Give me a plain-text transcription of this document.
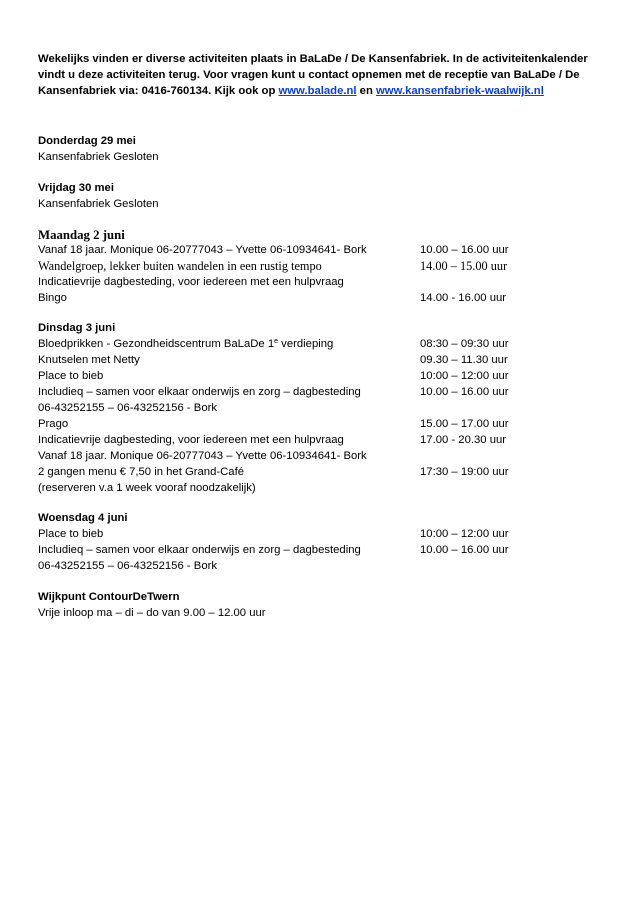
Wekelijks vinden er diverse activiteiten plaats in BaLaDe / De Kansenfabriek. In de activiteitenkalender vindt u deze activiteiten terug. Voor vragen kunt u contact opnemen met de receptie van BaLaDe / De Kansenfabriek via: 0416-760134. Kijk ook op www.balade.nl en www.kansenfabriek-waalwijk.nl
Donderdag 29 mei
Kansenfabriek Gesloten
Vrijdag 30 mei
Kansenfabriek Gesloten
Maandag 2 juni
Vanaf 18 jaar. Monique 06-20777043 – Yvette 06-10934641- Bork	10.00 – 16.00 uur
Wandelgroep, lekker buiten wandelen in een rustig tempo	14.00 – 15.00 uur
Indicatievrije dagbesteding, voor iedereen met een hulpvraag
Bingo	14.00 - 16.00 uur
Dinsdag 3 juni
Bloedprikken - Gezondheidscentrum BaLaDe 1e verdieping	08:30 – 09:30 uur
Knutselen met Netty	09.30 – 11.30 uur
Place to bieb	10:00 – 12:00 uur
Includieq – samen voor elkaar onderwijs en zorg – dagbesteding	10.00 – 16.00 uur
06-43252155 – 06-43252156 - Bork
Prago	15.00 – 17.00 uur
Indicatievrije dagbesteding, voor iedereen met een hulpvraag	17.00 - 20.30 uur
Vanaf 18 jaar. Monique 06-20777043 – Yvette 06-10934641- Bork
2 gangen menu € 7,50 in het Grand-Café	17:30 – 19:00 uur
(reserveren v.a 1 week vooraf noodzakelijk)
Woensdag 4 juni
Place to bieb	10:00 – 12:00 uur
Includieq – samen voor elkaar onderwijs en zorg – dagbesteding	10.00 – 16.00 uur
06-43252155 – 06-43252156 - Bork
Wijkpunt ContourDeTwern
Vrije inloop ma – di – do van 9.00 – 12.00 uur
